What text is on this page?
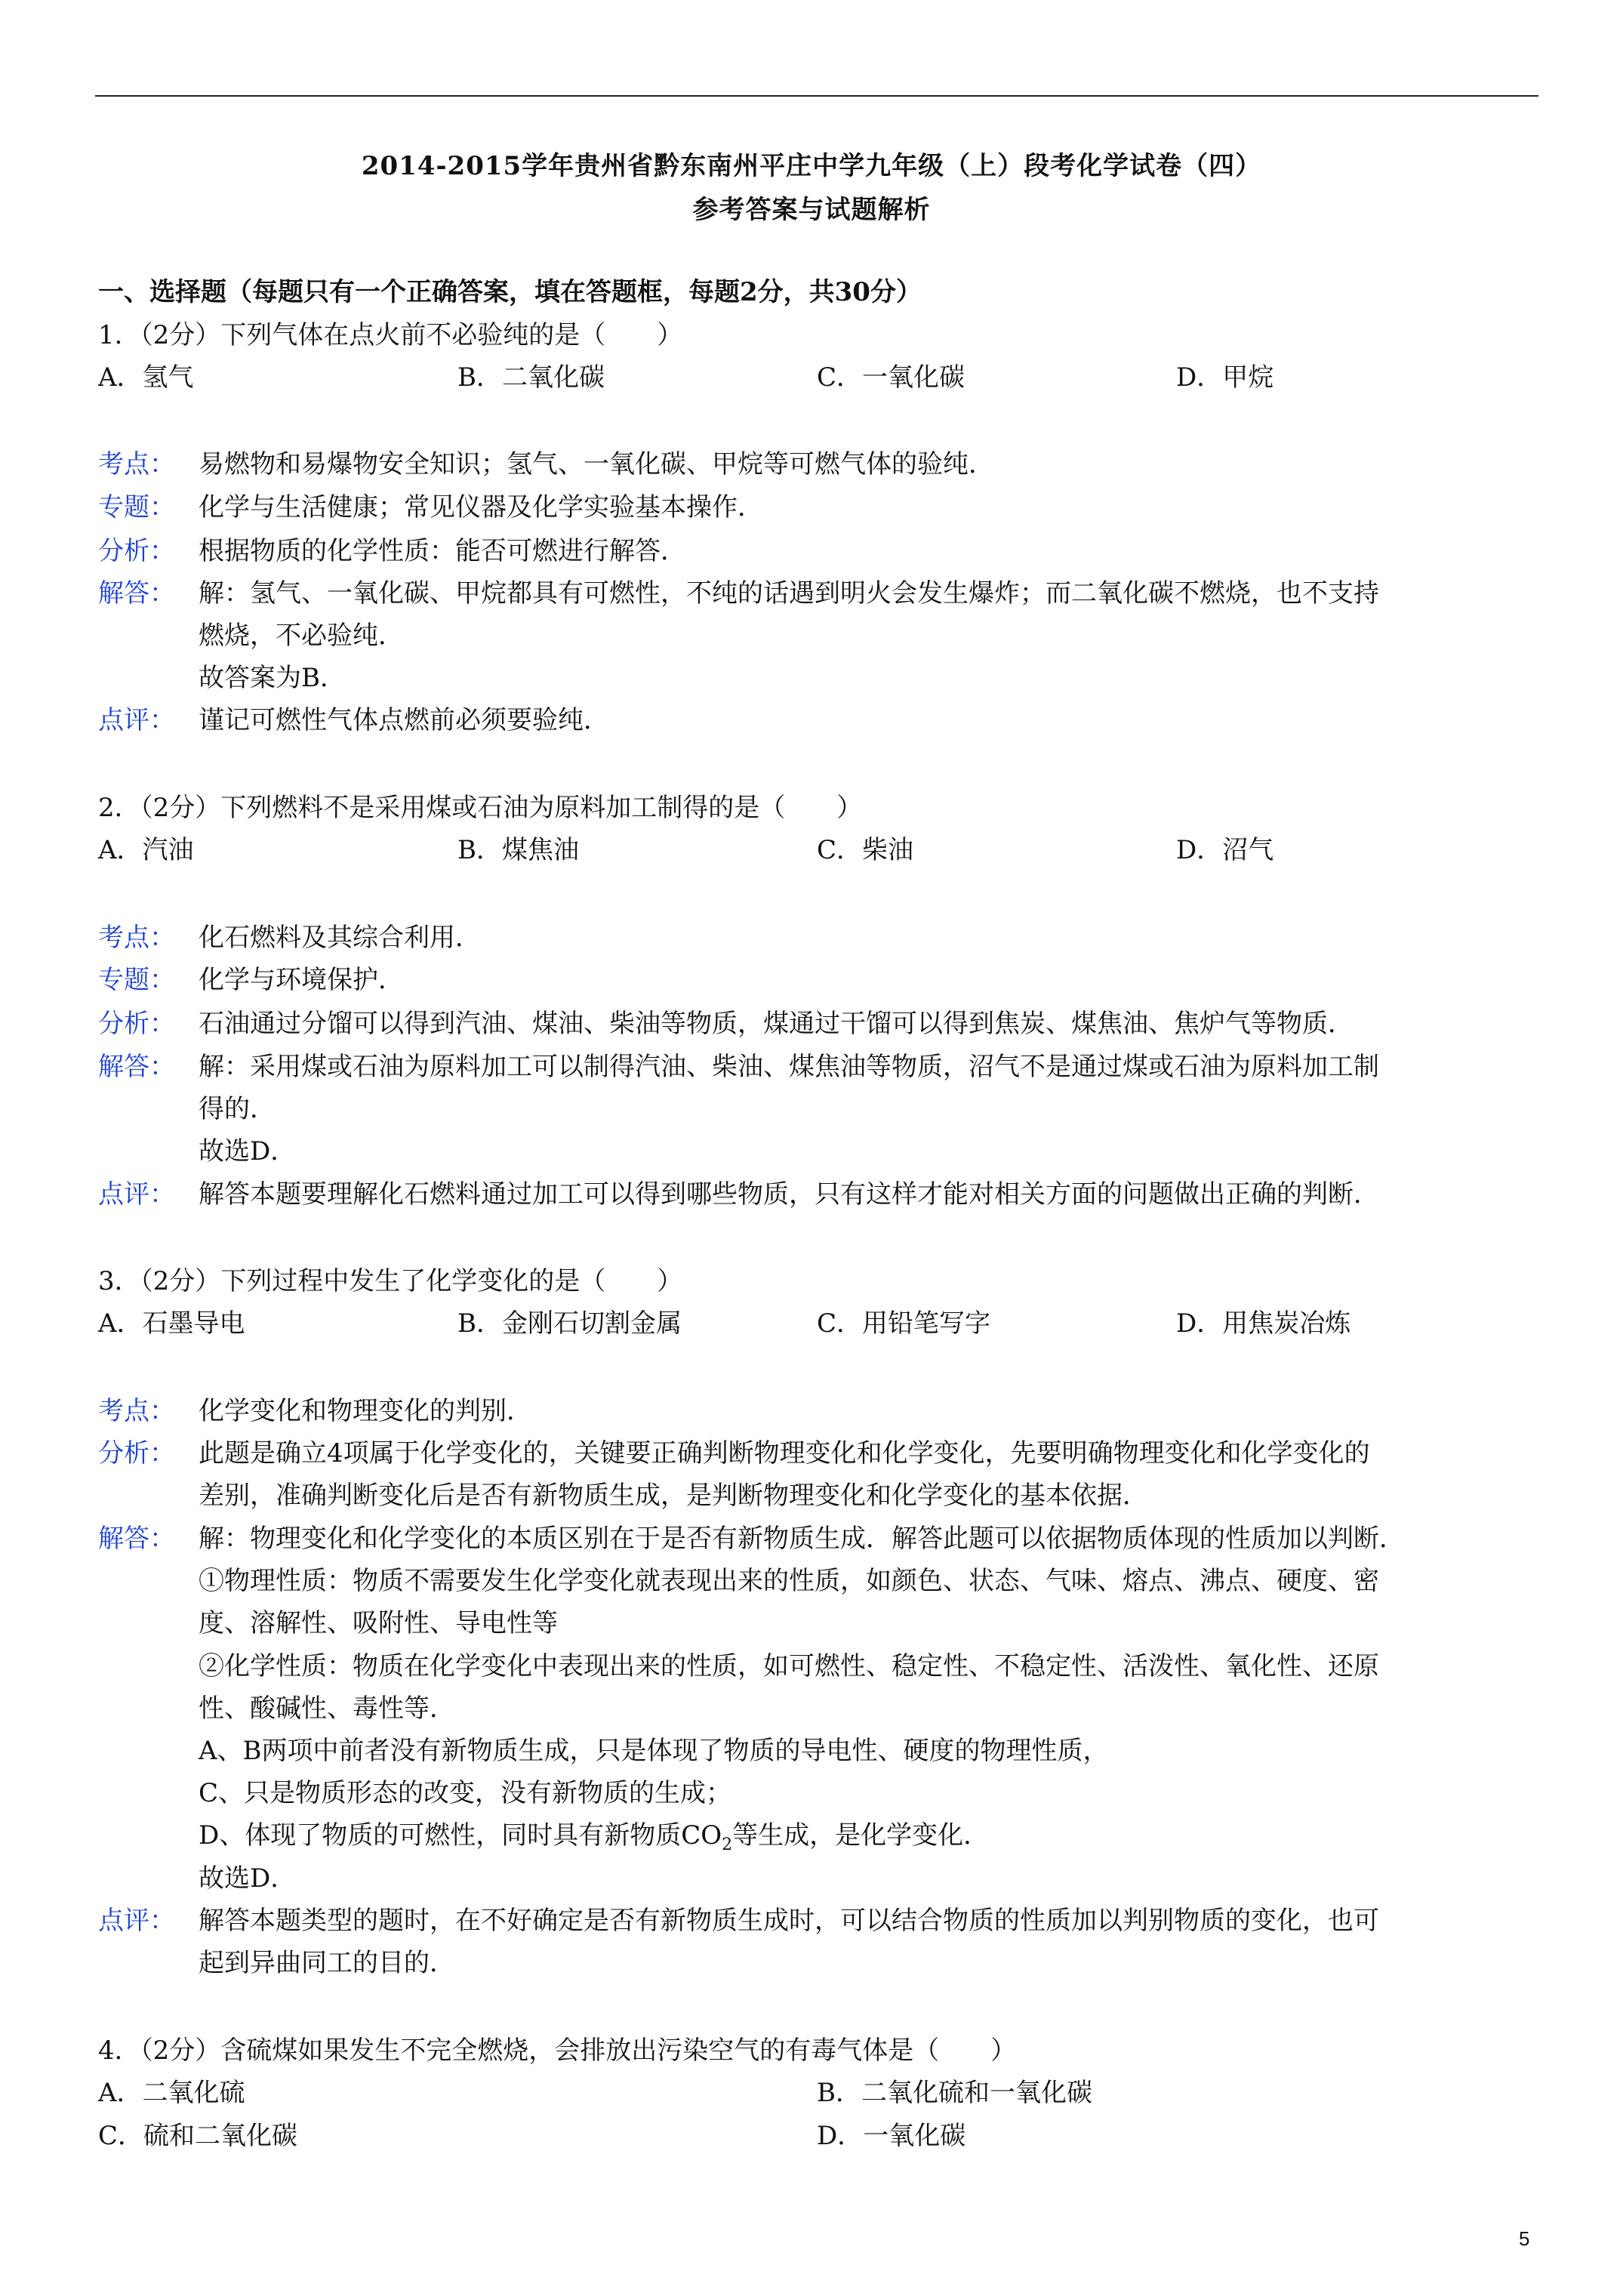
2014-2015学年贵州省黔东南州平庄中学九年级（上）段考化学试卷（四）
参考答案与试题解析
一、选择题（每题只有一个正确答案，填在答题框，每题2分，共30分）
1．（2分）下列气体在点火前不必验纯的是（　　）
A．氢气	B．二氧化碳	C．一氧化碳	D．甲烷
考点： 易燃物和易爆物安全知识；氢气、一氧化碳、甲烷等可燃气体的验纯．
专题： 化学与生活健康；常见仪器及化学实验基本操作．
分析： 根据物质的化学性质：能否可燃进行解答．
解答： 解：氢气、一氧化碳、甲烷都具有可燃性，不纯的话遇到明火会发生爆炸；而二氧化碳不燃烧，也不支持
燃烧，不必验纯．
故答案为B．
点评： 谨记可燃性气体点燃前必须要验纯．
2．（2分）下列燃料不是采用煤或石油为原料加工制得的是（　　）
A．汽油	B．煤焦油	C．柴油	D．沼气
考点： 化石燃料及其综合利用．
专题： 化学与环境保护．
分析： 石油通过分馏可以得到汽油、煤油、柴油等物质，煤通过干馏可以得到焦炭、煤焦油、焦炉气等物质．
解答： 解：采用煤或石油为原料加工可以制得汽油、柴油、煤焦油等物质，沼气不是通过煤或石油为原料加工制
得的．
故选D．
点评： 解答本题要理解化石燃料通过加工可以得到哪些物质，只有这样才能对相关方面的问题做出正确的判断．
3．（2分）下列过程中发生了化学变化的是（　　）
A．石墨导电	B．金刚石切割金属	C．用铅笔写字	D．用焦炭冶炼
考点： 化学变化和物理变化的判别．
分析： 此题是确立4项属于化学变化的，关键要正确判断物理变化和化学变化，先要明确物理变化和化学变化的
差别，准确判断变化后是否有新物质生成，是判断物理变化和化学变化的基本依据．
解答： 解：物理变化和化学变化的本质区别在于是否有新物质生成．解答此题可以依据物质体现的性质加以判断．
①物理性质：物质不需要发生化学变化就表现出来的性质，如颜色、状态、气味、熔点、沸点、硬度、密
度、溶解性、吸附性、导电性等
②化学性质：物质在化学变化中表现出来的性质，如可燃性、稳定性、不稳定性、活泼性、氧化性、还原
性、酸碱性、毒性等．
A、B两项中前者没有新物质生成，只是体现了物质的导电性、硬度的物理性质，
C、只是物质形态的改变，没有新物质的生成；
D、体现了物质的可燃性，同时具有新物质$CO_2$等生成，是化学变化．
故选D．
点评： 解答本题类型的题时，在不好确定是否有新物质生成时，可以结合物质的性质加以判别物质的变化，也可
起到异曲同工的目的．
4．（2分）含硫煤如果发生不完全燃烧，会排放出污染空气的有毒气体是（　　）
A．二氧化硫	B．二氧化硫和一氧化碳
C．硫和二氧化碳	D．一氧化碳
5
